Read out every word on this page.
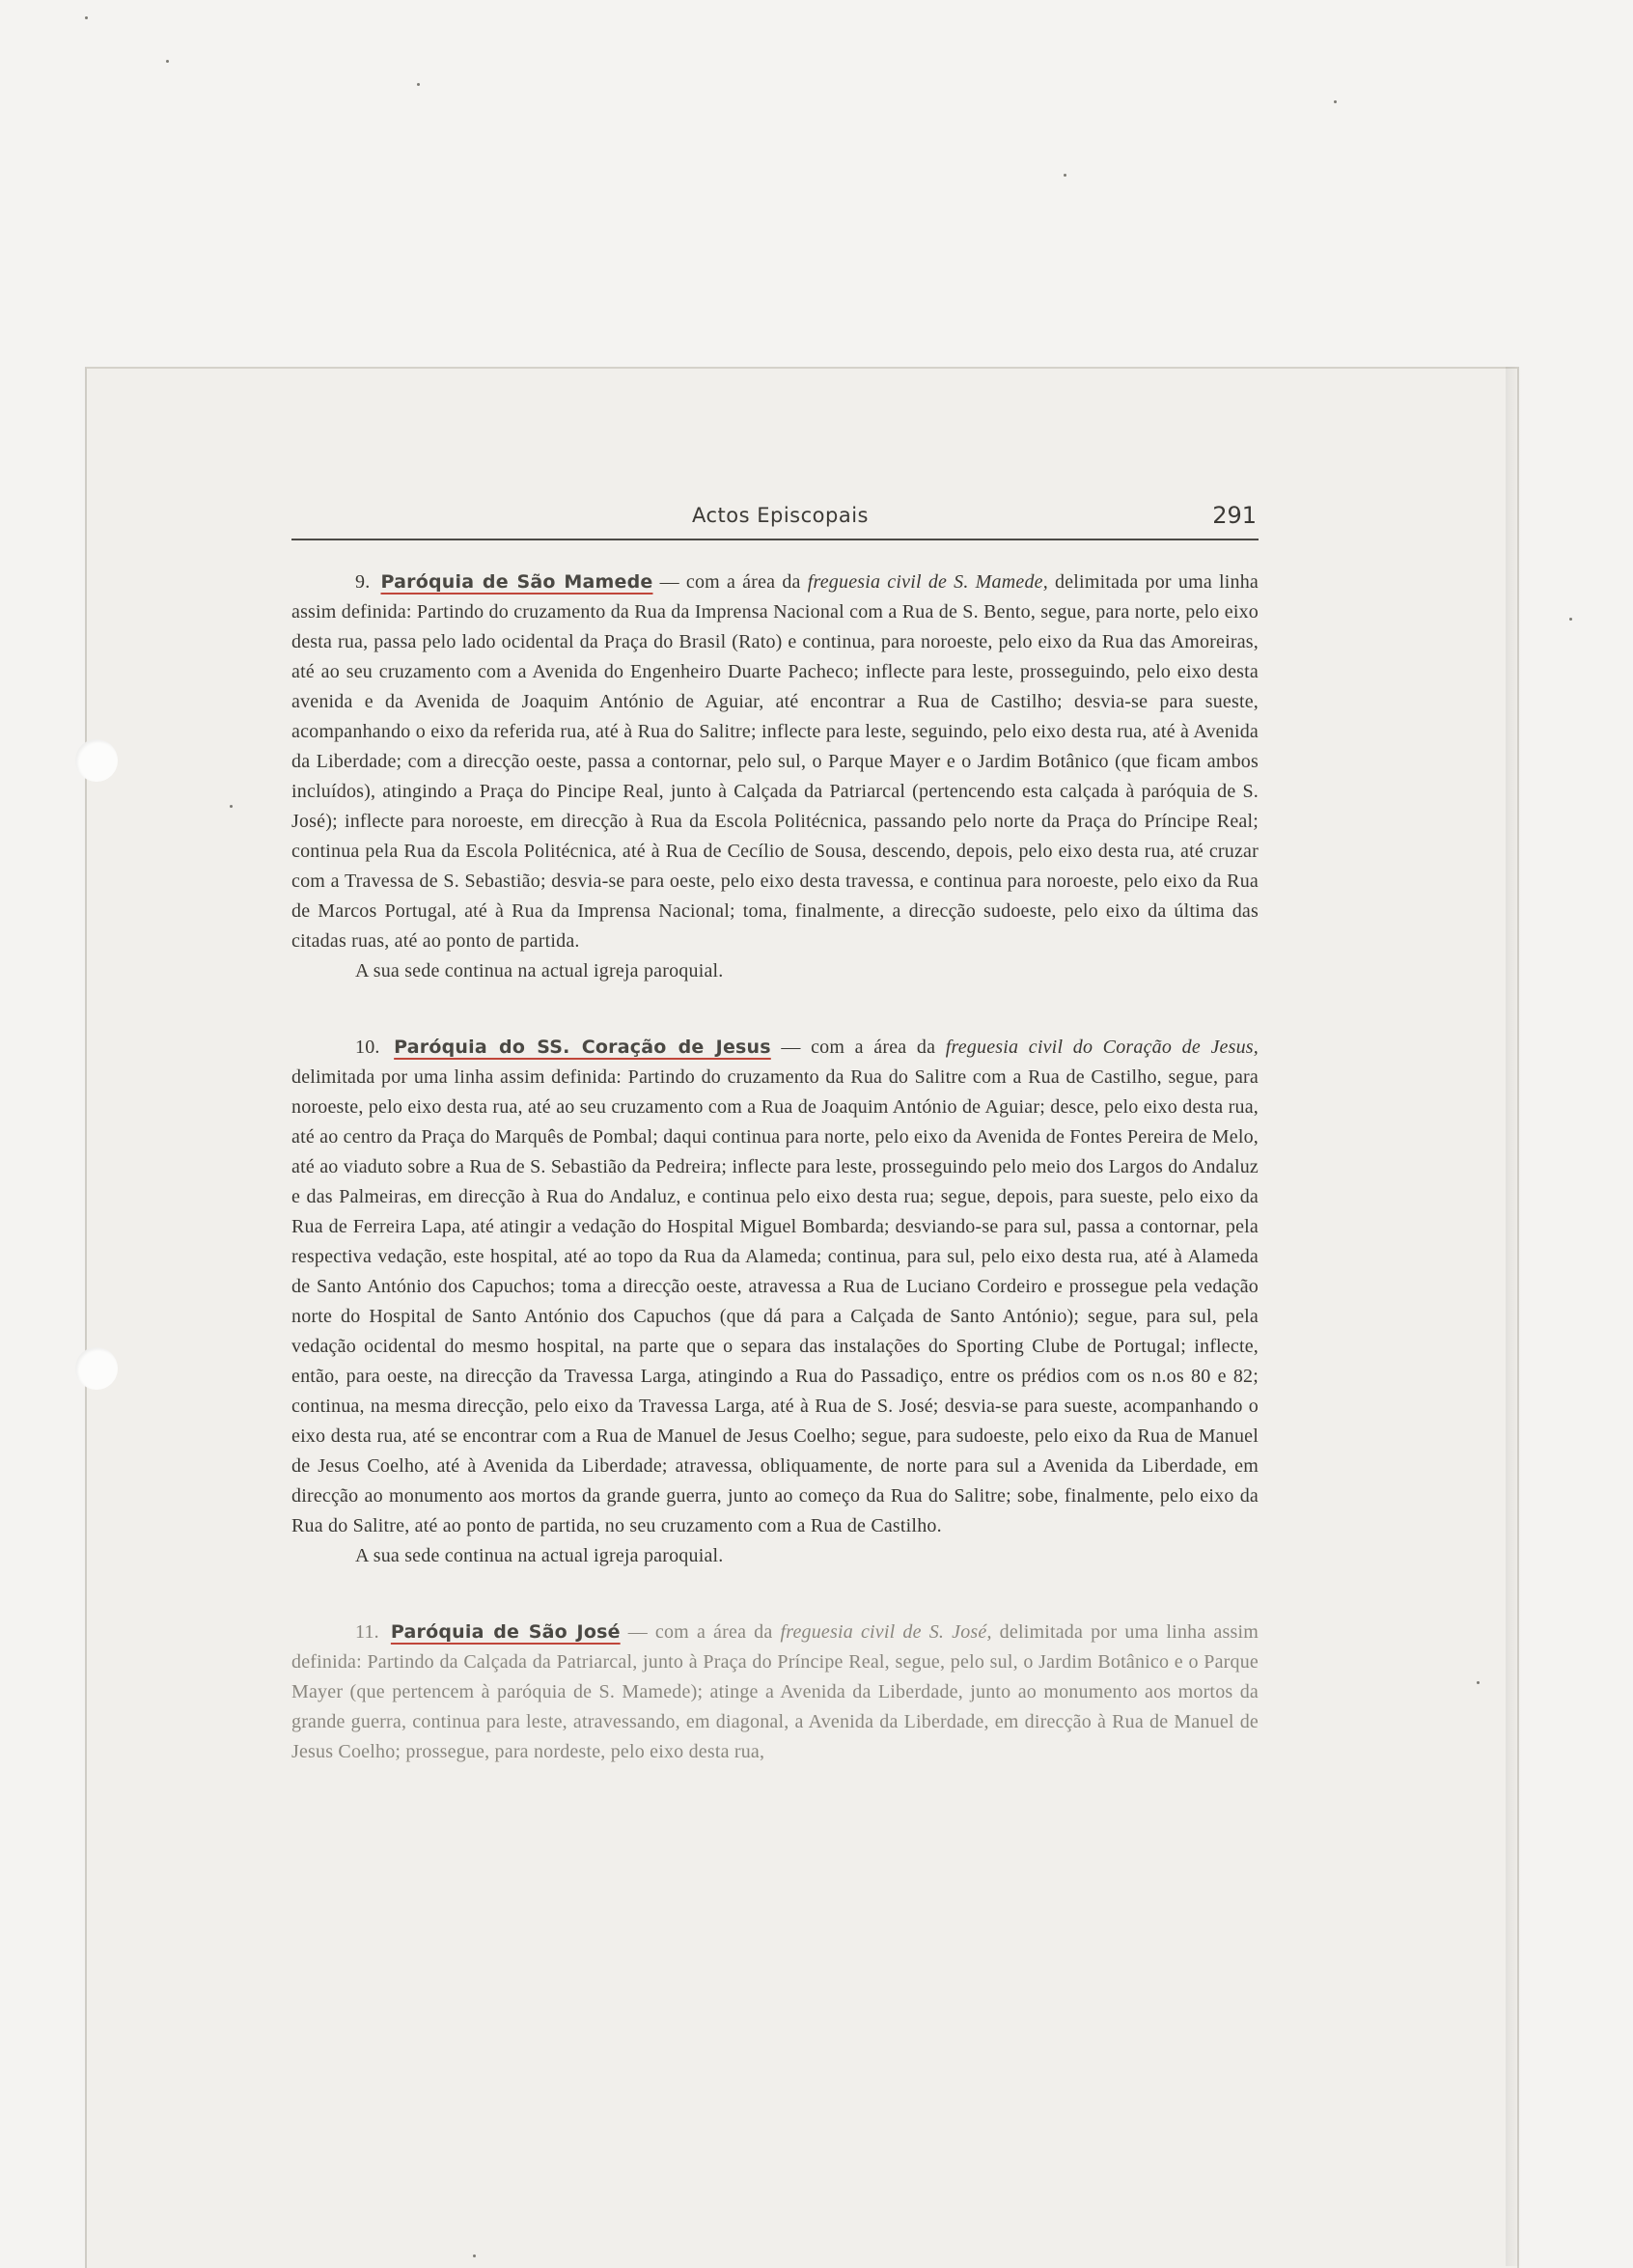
Actos Episcopais	291

9. Paróquia de São Mamede — com a área da freguesia civil de S. Mamede, delimitada por uma linha assim definida: Partindo do cruzamento da Rua da Imprensa Nacional com a Rua de S. Bento, segue, para norte, pelo eixo desta rua, passa pelo lado ocidental da Praça do Brasil (Rato) e continua, para noroeste, pelo eixo da Rua das Amoreiras, até ao seu cruzamento com a Avenida do Engenheiro Duarte Pacheco; inflecte para leste, prosseguindo, pelo eixo desta avenida e da Avenida de Joaquim António de Aguiar, até encontrar a Rua de Castilho; desvia-se para sueste, acompanhando o eixo da referida rua, até à Rua do Salitre; inflecte para leste, seguindo, pelo eixo desta rua, até à Avenida da Liberdade; com a direcção oeste, passa a contornar, pelo sul, o Parque Mayer e o Jardim Botânico (que ficam ambos incluídos), atingindo a Praça do Pincipe Real, junto à Calçada da Patriarcal (pertencendo esta calçada à paróquia de S. José); inflecte para noroeste, em direcção à Rua da Escola Politécnica, passando pelo norte da Praça do Príncipe Real; continua pela Rua da Escola Politécnica, até à Rua de Cecílio de Sousa, descendo, depois, pelo eixo desta rua, até cruzar com a Travessa de S. Sebastião; desvia-se para oeste, pelo eixo desta travessa, e continua para noroeste, pelo eixo da Rua de Marcos Portugal, até à Rua da Imprensa Nacional; toma, finalmente, a direcção sudoeste, pelo eixo da última das citadas ruas, até ao ponto de partida.

A sua sede continua na actual igreja paroquial.

10. Paróquia do SS. Coração de Jesus — com a área da freguesia civil do Coração de Jesus, delimitada por uma linha assim definida: Partindo do cruzamento da Rua do Salitre com a Rua de Castilho, segue, para noroeste, pelo eixo desta rua, até ao seu cruzamento com a Rua de Joaquim António de Aguiar; desce, pelo eixo desta rua, até ao centro da Praça do Marquês de Pombal; daqui continua para norte, pelo eixo da Avenida de Fontes Pereira de Melo, até ao viaduto sobre a Rua de S. Sebastião da Pedreira; inflecte para leste, prosseguindo pelo meio dos Largos do Andaluz e das Palmeiras, em direcção à Rua do Andaluz, e continua pelo eixo desta rua; segue, depois, para sueste, pelo eixo da Rua de Ferreira Lapa, até atingir a vedação do Hospital Miguel Bombarda; desviando-se para sul, passa a contornar, pela respectiva vedação, este hospital, até ao topo da Rua da Alameda; continua, para sul, pelo eixo desta rua, até à Alameda de Santo António dos Capuchos; toma a direcção oeste, atravessa a Rua de Luciano Cordeiro e prossegue pela vedação norte do Hospital de Santo António dos Capuchos (que dá para a Calçada de Santo António); segue, para sul, pela vedação ocidental do mesmo hospital, na parte que o separa das instalações do Sporting Clube de Portugal; inflecte, então, para oeste, na direcção da Travessa Larga, atingindo a Rua do Passadiço, entre os prédios com os n.os 80 e 82; continua, na mesma direcção, pelo eixo da Travessa Larga, até à Rua de S. José; desvia-se para sueste, acompanhando o eixo desta rua, até se encontrar com a Rua de Manuel de Jesus Coelho; segue, para sudoeste, pelo eixo da Rua de Manuel de Jesus Coelho, até à Avenida da Liberdade; atravessa, obliquamente, de norte para sul a Avenida da Liberdade, em direcção ao monumento aos mortos da grande guerra, junto ao começo da Rua do Salitre; sobe, finalmente, pelo eixo da Rua do Salitre, até ao ponto de partida, no seu cruzamento com a Rua de Castilho.

A sua sede continua na actual igreja paroquial.

11. Paróquia de São José — com a área da freguesia civil de S. José, delimitada por uma linha assim definida: Partindo da Calçada da Patriarcal, junto à Praça do Príncipe Real, segue, pelo sul, o Jardim Botânico e o Parque Mayer (que pertencem à paróquia de S. Mamede); atinge a Avenida da Liberdade, junto ao monumento aos mortos da grande guerra, continua para leste, atravessando, em diagonal, a Avenida da Liberdade, em direcção à Rua de Manuel de Jesus Coelho; prossegue, para nordeste, pelo eixo desta rua,
